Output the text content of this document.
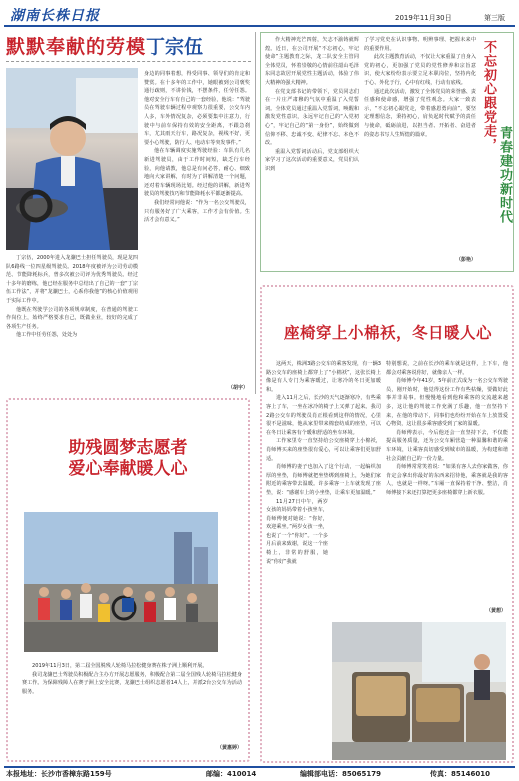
湖南长株日报	2019年11月30日	第三版
默默奉献的劳模丁宗伍

身边的同事着想，得受同事、领导们的肯定和赞赏。在十多年的工作中，她眼被到公司褒奖通行疏则，不讲价钱，不摆条件，任劳任怨。他对安全行车有自己的一套经验，他说：“驾驶员在驾驶车辆过程中观察力很重要，公交车内人多，车外情况复杂，必须要集中注意力，行驶中与前车保持有效的安全距离，不跟急刹车，尤其雨天行车，路况复杂，视线不好，更要小心驾驶，防行人、电动车等突发事件。”

他在车辆调度实施驾驶经验：车队有几名新进驾驶员，由于工作时间短，缺乏行车经验，向他请教，他总是有问必答，耐心、细致地向大家讲解，有时为了讲解清楚一个问题，还对着车辆现场比划。经过他的讲解，新进驾驶员的驾驶技巧和节能降耗水平都逐渐提高。

我们经常问他说：“作为一名公交驾驶员，只有服务好了广大乘客，工作才会有价值。生活才会有意义。”

丁宗伍，2000年进入龙骧巴士担任驾驶员，现是龙四队6路线一位四星级驾驶员。2018年度被评为公司劳动模范、节能降耗标兵，曾多次被公司评为优秀驾驶员。经过十多年的磨练，他已经在服务中总结出了自己的一套“丁宗伍工作法”，并将“龙骧巴士，心系你我他”的核心价值观用于实际工作中。

他既在驾驶学公司的各项规章制度，在普通的驾驶工作岗位上，始终严格要求自己，既做业业，较好的完成了各项生产任务。

他工作中任劳任怨，处处为

（胡宇）

作大精神光芒四射，矢志不渝铸就辉煌。近日，在公司开展“不忘初心，牢记使命”主题教育之际，龙二队安全主管同全体党员，怀着崇敬的心情前往韶山毛泽东同志故居开展党性主题活动，体验了伟大精神的强大精神。

在党支部书记的带领下，党员同志们在一片庄严肃穆的气氛中重温了入党誓词。全体党员通过重温入党誓词，唤醒和激发党性意识，永远牢记自己的“入党初心”，牢记自己的“第一身份”，始终做到信仰不移、忠诚不变、纪律不忘、本色不改。

重温入党誓词活动后，党支部组织大家学习了这次活动的重要意义，党员们认识到

了学习党史在认识事物、明辨事理、把握未来中的重要作用。

此次主题教育活动，不仅让大家重温了自身入党的初心，更加强了党员的党性修养和宗旨意识，使大家纷纷表示要立足本职岗位，坚持内化于心、外化于行，心中有红线，行动有底线。

通过此次活动，激发了全体党员的荣誉感、责任感和使命感，增强了党性观念。大家一致表示，“不忘初心跟党走，带着感恩勇向前”，要坚定理想信念，秉持初心，肩负起时代赋予的责任与使命，砥砺前进，以担当者、开拓者、奋进者的姿态书写人生辉煌的篇章。

（彭艳）
不忘初心跟党走，
青春建功新时代
座椅穿上小棉袄，冬日暖人心

这两天，株洲3路公交车的乘客发现，有一辆3路公交车的座椅上都穿上了“小棉袄”，这张长椅上像是有人专门为乘客暖过，让寒冷的冬日更加暖和。

进入11月之后，长沙的天气逐渐寒冷，有些乘客上了车，一坐在冰冷的椅子上又弹了起来。我司2路公交车的驾驶员肖正根看到这样的情况，心里很不是滋味，他从家里带来棉套纺成的座垫，可以在冬日让乘客有个暖和舒适的坐车环境。

工作家里专一直坚持给公交座椅穿上小棉袄，肖师傅买来的座垫很有爱心，可以让乘客们更加舒适。

肖师傅的妻子也加入了这个行动，一起编织加厚的坐垫，肖师傅就把坐垫绑到座椅上，为她们家附近的乘客带去温暖。许多乘客一上车就发现了座垫，说：“感谢车上的小坐垫，让乘车更加温暖。”

11月27日中午，两岁女孩的妈妈带着小孩坐车，肖师傅便对她说：“你好，欢迎乘坐。”两岁女孩一坐，也说了一个“你好”。一个多月后前来致谢，说这一个座椅上，非常的舒服，她说“你好”我就

特别想说，之前在长沙的乘车就是这样，上下车，他都会对乘客说你好，就像亲人一样。

肖师傅今年41岁，5年前正式成为一名公交车驾驶员，刚开始时，他觉得这份工作有些枯燥，要做好此事并非易事。但慢慢地看到他和乘客的交流越来越多，这让他的驾驶工作充满了乐趣，他一直坚持下来，在他的带动下，同事们也纷纷开始在车上放置爱心物资，这让很多乘客感受到了家的温暖。

肖师傅表示，今后他还会一直坚持下去，不仅能提高服务质量，还为公交车厢营造一种温馨和谐的乘车环境，让乘客真切感受到城市的温暖，为构建和谐社会贡献自己的一份力量。

肖师傅常常笑着说：“如果有客人去你家做客，你肯定会拿出你最好的东西来招待他，乘客就是我的客人，也就是一样呀。”车厢一直保持着干净、整洁，肖师傅接下来还打算把更多座椅都穿上新衣服。

（黄想）
助残圆梦志愿者
爱心奉献暖人心

2019年11月3日，第二届全国脱残人轮椅马拉松健身赛在株子洲上顺利开展。

我司龙骧巴士驾驶员积极配合主办方开展志愿服务，积极配合第二届全国残人轮椅马拉松健身赛工作。为保障残障人在赛子洲上安全比赛，龙骧巴士组织志愿者14人上，并派2台公交车为活动服务。

（黄惠婷）
本报地址：长沙市香樟东路159号	邮编：410014	编辑部电话：85065179	传真：85146010
